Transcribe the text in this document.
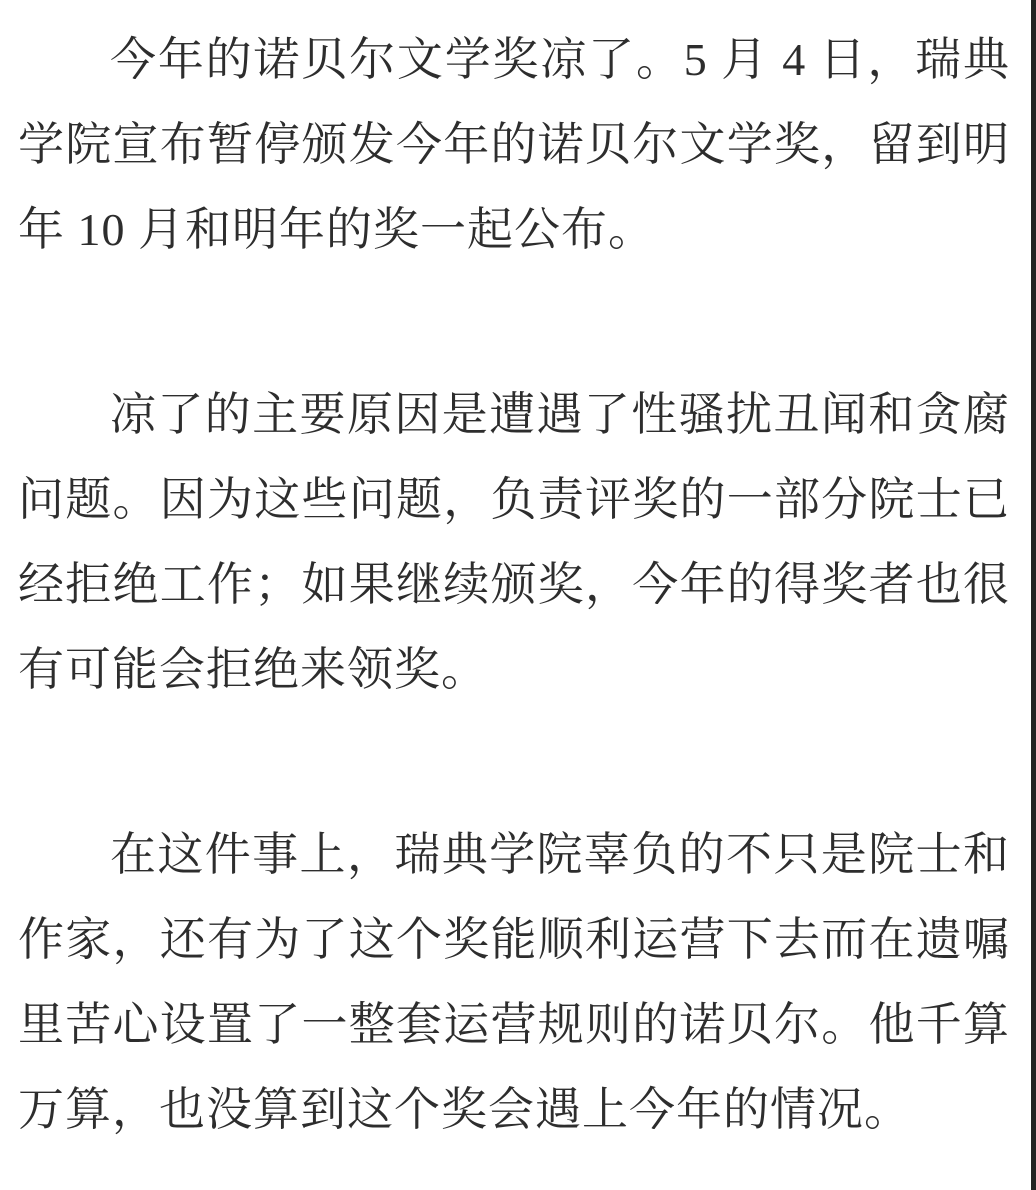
今年的诺贝尔文学奖凉了。5 月 4 日，瑞典学院宣布暂停颁发今年的诺贝尔文学奖，留到明年 10 月和明年的奖一起公布。

凉了的主要原因是遭遇了性骚扰丑闻和贪腐问题。因为这些问题，负责评奖的一部分院士已经拒绝工作；如果继续颁奖，今年的得奖者也很有可能会拒绝来领奖。

在这件事上，瑞典学院辜负的不只是院士和作家，还有为了这个奖能顺利运营下去而在遗嘱里苦心设置了一整套运营规则的诺贝尔。他千算万算，也没算到这个奖会遇上今年的情况。
